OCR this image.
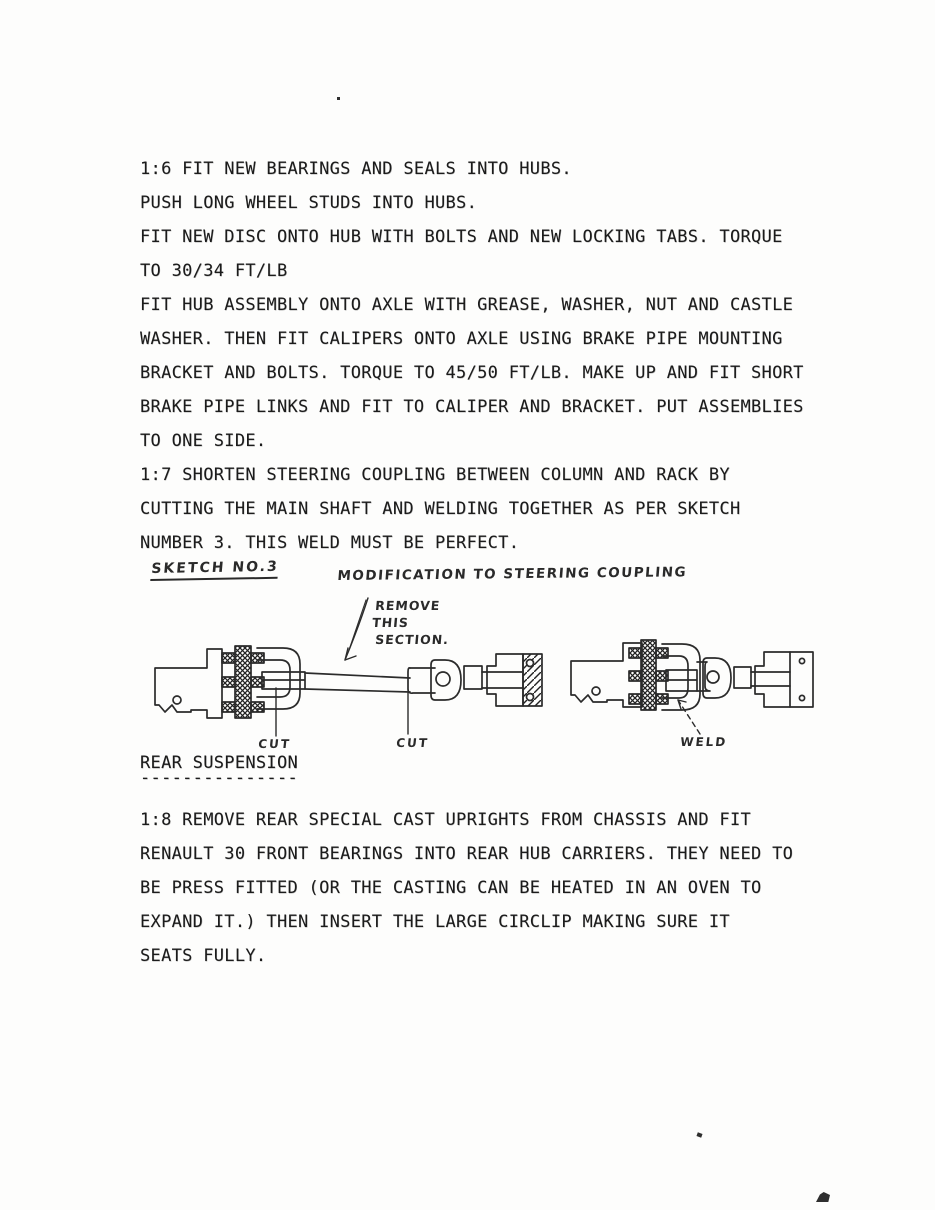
1:6 FIT NEW BEARINGS AND SEALS INTO HUBS.
PUSH LONG WHEEL STUDS INTO HUBS.
FIT NEW DISC ONTO HUB WITH BOLTS AND NEW LOCKING TABS. TORQUE
TO 30/34 FT/LB
FIT HUB ASSEMBLY ONTO AXLE WITH GREASE, WASHER, NUT AND CASTLE
WASHER. THEN FIT CALIPERS ONTO AXLE USING BRAKE PIPE MOUNTING
BRACKET AND BOLTS. TORQUE TO 45/50 FT/LB. MAKE UP AND FIT SHORT
BRAKE PIPE LINKS AND FIT TO CALIPER AND BRACKET. PUT ASSEMBLIES
TO ONE SIDE.
1:7 SHORTEN STEERING COUPLING BETWEEN COLUMN AND RACK BY
CUTTING THE MAIN SHAFT AND WELDING TOGETHER AS PER SKETCH
NUMBER 3. THIS WELD MUST BE PERFECT.
SKETCH NO.3	MODIFICATION TO STEERING COUPLING
REMOVE
THIS
SECTION.
CUT	CUT	WELD
REAR SUSPENSION
---------------
1:8 REMOVE REAR SPECIAL CAST UPRIGHTS FROM CHASSIS AND FIT
RENAULT 30 FRONT BEARINGS INTO REAR HUB CARRIERS. THEY NEED TO
BE PRESS FITTED (OR THE CASTING CAN BE HEATED IN AN OVEN TO
EXPAND IT.) THEN INSERT THE LARGE CIRCLIP MAKING SURE IT
SEATS FULLY.
